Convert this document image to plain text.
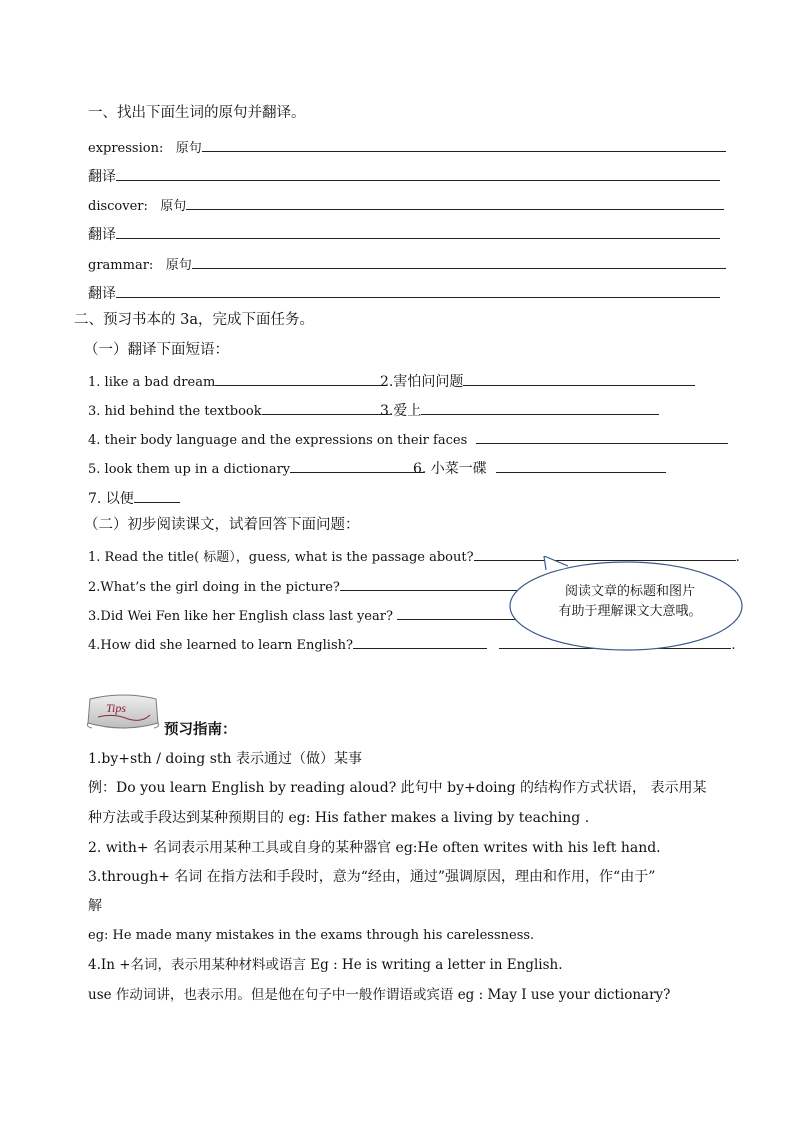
一、找出下面生词的原句并翻译。
expression: 原句
翻译
discover: 原句
翻译
grammar: 原句
翻译
二、预习书本的 3a，完成下面任务。
（一）翻译下面短语：
1. like a bad dream	2.害怕问问题
3. hid behind the textbook	3.爱上
4. their body language and the expressions on their faces
5. look them up in a dictionary	6. 小菜一碟
7. 以便
（二）初步阅读课文，试着回答下面问题：
1. Read the title( 标题），guess, what is the passage about?	.
2.What’s the girl doing in the picture?
3.Did Wei Fen like her English class last year?
4.How did she learned to learn English?	.
阅读文章的标题和图片
有助于理解课文大意哦。
Tips
预习指南：
1.by+sth / doing sth 表示通过（做）某事
例：Do you learn English by reading aloud? 此句中 by+doing 的结构作方式状语， 表示用某
种方法或手段达到某种预期目的 eg: His father makes a living by teaching .
2. with+ 名词表示用某种工具或自身的某种器官 eg:He often writes with his left hand.
3.through+ 名词 在指方法和手段时，意为“经由，通过”强调原因，理由和作用，作“由于”
解
eg: He made many mistakes in the exams through his carelessness.
4.In +名词，表示用某种材料或语言 Eg : He is writing a letter in English.
use 作动词讲，也表示用。但是他在句子中一般作谓语或宾语 eg : May I use your dictionary?
